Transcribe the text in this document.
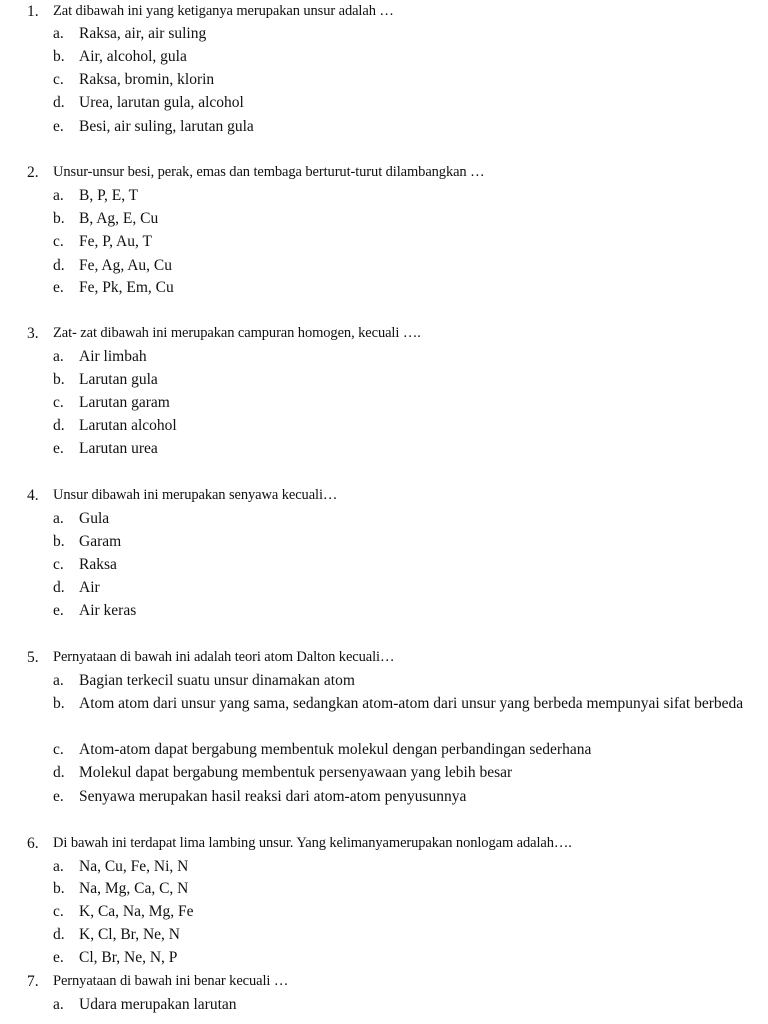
1. Zat dibawah ini yang ketiganya merupakan unsur adalah …
a. Raksa, air, air suling
b. Air, alcohol, gula
c. Raksa, bromin, klorin
d. Urea, larutan gula, alcohol
e. Besi, air suling, larutan gula
2. Unsur-unsur besi, perak, emas dan tembaga berturut-turut dilambangkan …
a. B, P, E, T
b. B, Ag, E, Cu
c. Fe, P, Au, T
d. Fe, Ag, Au, Cu
e. Fe, Pk, Em, Cu
3. Zat- zat dibawah ini merupakan campuran homogen, kecuali ….
a. Air limbah
b. Larutan gula
c. Larutan garam
d. Larutan alcohol
e. Larutan urea
4. Unsur dibawah ini merupakan senyawa kecuali…
a. Gula
b. Garam
c. Raksa
d. Air
e. Air keras
5. Pernyataan di bawah ini adalah teori atom Dalton kecuali…
a. Bagian terkecil suatu unsur dinamakan atom
b. Atom atom dari unsur yang sama, sedangkan atom-atom dari unsur yang berbeda mempunyai sifat berbeda
c. Atom-atom dapat bergabung membentuk molekul dengan perbandingan sederhana
d. Molekul dapat bergabung membentuk persenyawaan yang lebih besar
e. Senyawa merupakan hasil reaksi dari atom-atom penyusunnya
6. Di bawah ini terdapat lima lambing unsur. Yang kelimanyamerupakan nonlogam adalah….
a. Na, Cu, Fe, Ni, N
b. Na, Mg, Ca, C, N
c. K, Ca, Na, Mg, Fe
d. K, Cl, Br, Ne, N
e. Cl, Br, Ne, N, P
7. Pernyataan di bawah ini benar kecuali …
a. Udara merupakan larutan
